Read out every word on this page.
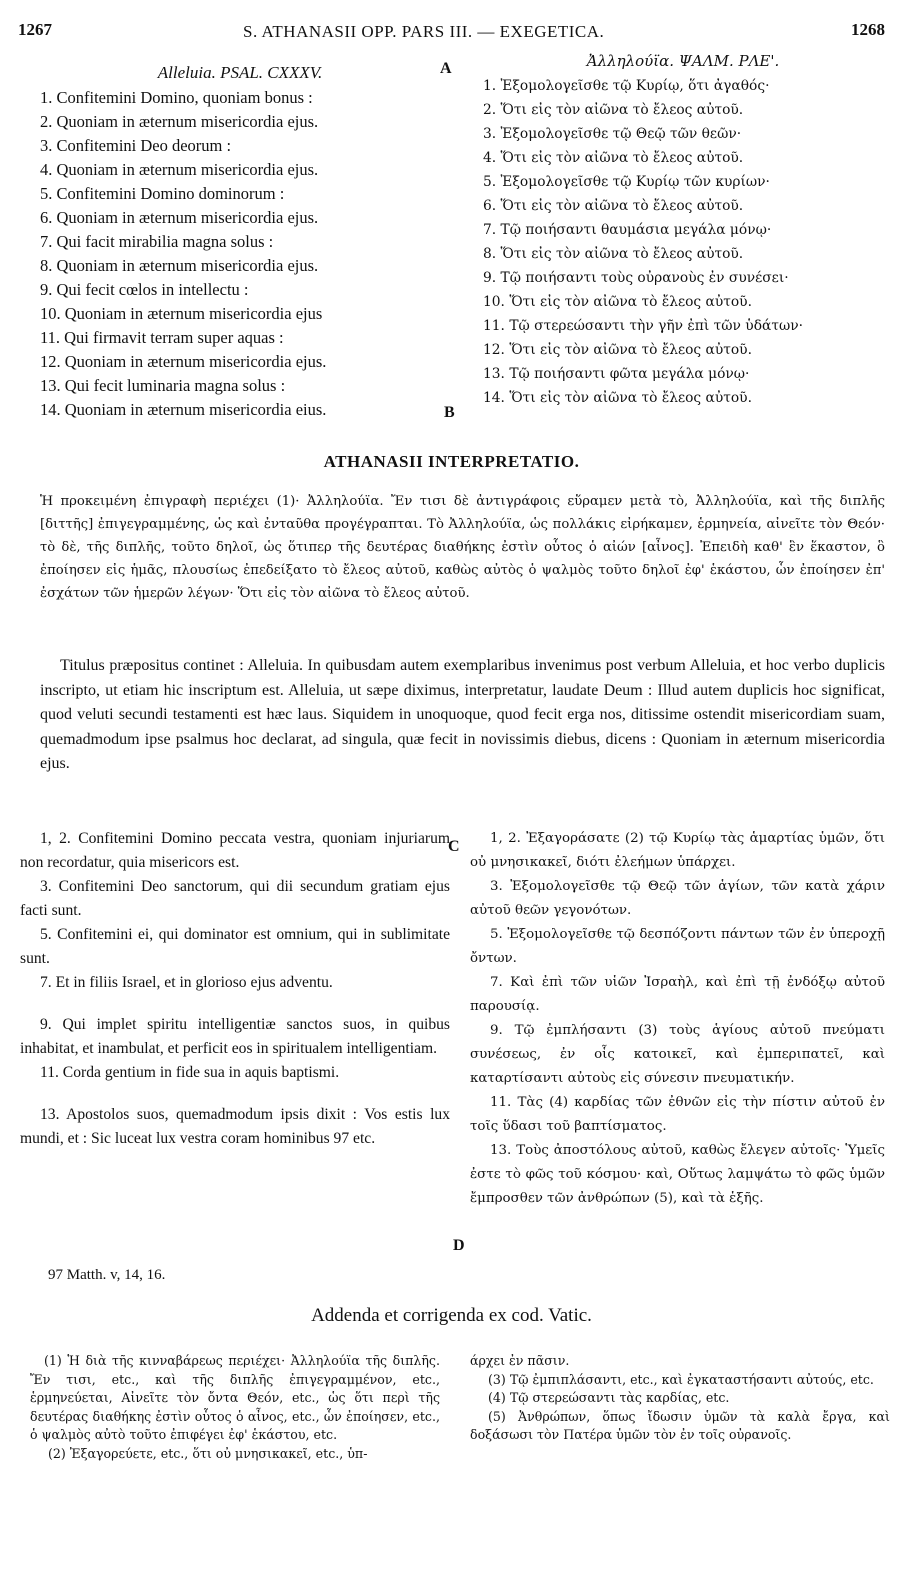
1267	S. ATHANASII OPP. PARS III. — EXEGETICA.	1268
A
B
C
D
Alleluia. PSAL. CXXXV.
1. Confitemini Domino, quoniam bonus :
2. Quoniam in æternum misericordia ejus.
3. Confitemini Deo deorum :
4. Quoniam in æternum misericordia ejus.
5. Confitemini Domino dominorum :
6. Quoniam in æternum misericordia ejus.
7. Qui facit mirabilia magna solus :
8. Quoniam in æternum misericordia ejus.
9. Qui fecit cœlos in intellectu :
10. Quoniam in æternum misericordia ejus
11. Qui firmavit terram super aquas :
12. Quoniam in æternum misericordia ejus.
13. Qui fecit luminaria magna solus :
14. Quoniam in æternum misericordia eius.
Ἀλληλούϊα. ΨΑΛΜ. ΡΛΕ'.
1. Ἐξομολογεῖσθε τῷ Κυρίῳ, ὅτι ἀγαθός·
2. Ὅτι εἰς τὸν αἰῶνα τὸ ἔλεος αὐτοῦ.
3. Ἐξομολογεῖσθε τῷ Θεῷ τῶν θεῶν·
4. Ὅτι εἰς τὸν αἰῶνα τὸ ἔλεος αὐτοῦ.
5. Ἐξομολογεῖσθε τῷ Κυρίῳ τῶν κυρίων·
6. Ὅτι εἰς τὸν αἰῶνα τὸ ἔλεος αὐτοῦ.
7. Τῷ ποιήσαντι θαυμάσια μεγάλα μόνῳ·
8. Ὅτι εἰς τὸν αἰῶνα τὸ ἔλεος αὐτοῦ.
9. Τῷ ποιήσαντι τοὺς οὐρανοὺς ἐν συνέσει·
10. Ὅτι εἰς τὸν αἰῶνα τὸ ἔλεος αὐτοῦ.
11. Τῷ στερεώσαντι τὴν γῆν ἐπὶ τῶν ὑδάτων·
12. Ὅτι εἰς τὸν αἰῶνα τὸ ἔλεος αὐτοῦ.
13. Τῷ ποιήσαντι φῶτα μεγάλα μόνῳ·
14. Ὅτι εἰς τὸν αἰῶνα τὸ ἔλεος αὐτοῦ.
ATHANASII INTERPRETATIO.
Ἡ προκειμένη ἐπιγραφὴ περιέχει (1)· Ἀλληλούϊα. Ἔν τισι δὲ ἀντιγράφοις εὕραμεν μετὰ τὸ, Ἀλληλούϊα, καὶ τῆς διπλῆς [διττῆς] ἐπιγεγραμμένης, ὡς καὶ ἐνταῦθα προγέγραπται. Τὸ Ἀλληλούϊα, ὡς πολλάκις εἰρήκαμεν, ἑρμηνεία, αἰνεῖτε τὸν Θεόν· τὸ δὲ, τῆς διπλῆς, τοῦτο δηλοῖ, ὡς ὅτιπερ τῆς δευτέρας διαθήκης ἐστὶν οὗτος ὁ αἰών [αἶνος]. Ἐπειδὴ καθ' ἓν ἕκαστον, ὃ ἐποίησεν εἰς ἡμᾶς, πλουσίως ἐπεδείξατο τὸ ἔλεος αὐτοῦ, καθὼς αὐτὸς ὁ ψαλμὸς τοῦτο δηλοῖ ἐφ' ἑκάστου, ὧν ἐποίησεν ἐπ' ἐσχάτων τῶν ἡμερῶν λέγων· Ὅτι εἰς τὸν αἰῶνα τὸ ἔλεος αὐτοῦ.
Titulus præpositus continet : Alleluia. In quibusdam autem exemplaribus invenimus post verbum Alleluia, et hoc verbo duplicis inscripto, ut etiam hic inscriptum est. Alleluia, ut sæpe diximus, interpretatur, laudate Deum : Illud autem duplicis hoc significat, quod veluti secundi testamenti est hæc laus. Siquidem in unoquoque, quod fecit erga nos, ditissime ostendit misericordiam suam, quemadmodum ipse psalmus hoc declarat, ad singula, quæ fecit in novissimis diebus, dicens : Quoniam in æternum misericordia ejus.

1, 2. Confitemini Domino peccata vestra, quoniam injuriarum non recordatur, quia misericors est.

3. Confitemini Deo sanctorum, qui dii secundum gratiam ejus facti sunt.

5. Confitemini ei, qui dominator est omnium, qui in sublimitate sunt.

7. Et in filiis Israel, et in glorioso ejus adventu.

9. Qui implet spiritu intelligentiæ sanctos suos, in quibus inhabitat, et inambulat, et perficit eos in spiritualem intelligentiam.

11. Corda gentium in fide sua in aquis baptismi.

13. Apostolos suos, quemadmodum ipsis dixit : Vos estis lux mundi, et : Sic luceat lux vestra coram hominibus 97 etc.

1, 2. Ἐξαγοράσατε (2) τῷ Κυρίῳ τὰς ἁμαρτίας ὑμῶν, ὅτι οὐ μνησικακεῖ, διότι ἐλεήμων ὑπάρχει.

3. Ἐξομολογεῖσθε τῷ Θεῷ τῶν ἁγίων, τῶν κατὰ χάριν αὐτοῦ θεῶν γεγονότων.

5. Ἐξομολογεῖσθε τῷ δεσπόζοντι πάντων τῶν ἐν ὑπεροχῇ ὄντων.

7. Καὶ ἐπὶ τῶν υἱῶν Ἰσραὴλ, καὶ ἐπὶ τῇ ἐνδόξῳ αὐτοῦ παρουσίᾳ.

9. Τῷ ἐμπλήσαντι (3) τοὺς ἁγίους αὐτοῦ πνεύματι συνέσεως, ἐν οἷς κατοικεῖ, καὶ ἐμπεριπατεῖ, καὶ καταρτίσαντι αὐτοὺς εἰς σύνεσιν πνευματικήν.

11. Τὰς (4) καρδίας τῶν ἐθνῶν εἰς τὴν πίστιν αὐτοῦ ἐν τοῖς ὕδασι τοῦ βαπτίσματος.

13. Τοὺς ἀποστόλους αὐτοῦ, καθὼς ἔλεγεν αὐτοῖς· Ὑμεῖς ἐστε τὸ φῶς τοῦ κόσμου· καὶ, Οὕτως λαμψάτω τὸ φῶς ὑμῶν ἔμπροσθεν τῶν ἀνθρώπων (5), καὶ τὰ ἑξῆς.

97 Matth. v, 14, 16.
Addenda et corrigenda ex cod. Vatic.

(1) Ἡ διὰ τῆς κινναβάρεως περιέχει· Ἀλληλούϊα τῆς διπλῆς. Ἔν τισι, etc., καὶ τῆς διπλῆς ἐπιγεγραμμένον, etc., ἑρμηνεύεται, Αἰνεῖτε τὸν ὄντα Θεόν, etc., ὡς ὅτι περὶ τῆς δευτέρας διαθήκης ἐστὶν οὗτος ὁ αἶνος, etc., ὧν ἐποίησεν, etc., ὁ ψαλμὸς αὐτὸ τοῦτο ἐπιφέγει ἐφ' ἑκάστου, etc.

(2) Ἐξαγορεύετε, etc., ὅτι οὐ μνησικακεῖ, etc., ὑπ-

άρχει ἐν πᾶσιν.

(3) Τῷ ἐμπιπλάσαντι, etc., καὶ ἐγκαταστήσαντι αὐτούς, etc.

(4) Τῷ στερεώσαντι τὰς καρδίας, etc.

(5) Ἀνθρώπων, ὅπως ἴδωσιν ὑμῶν τὰ καλὰ ἔργα, καὶ δοξάσωσι τὸν Πατέρα ὑμῶν τὸν ἐν τοῖς οὐρανοῖς.
